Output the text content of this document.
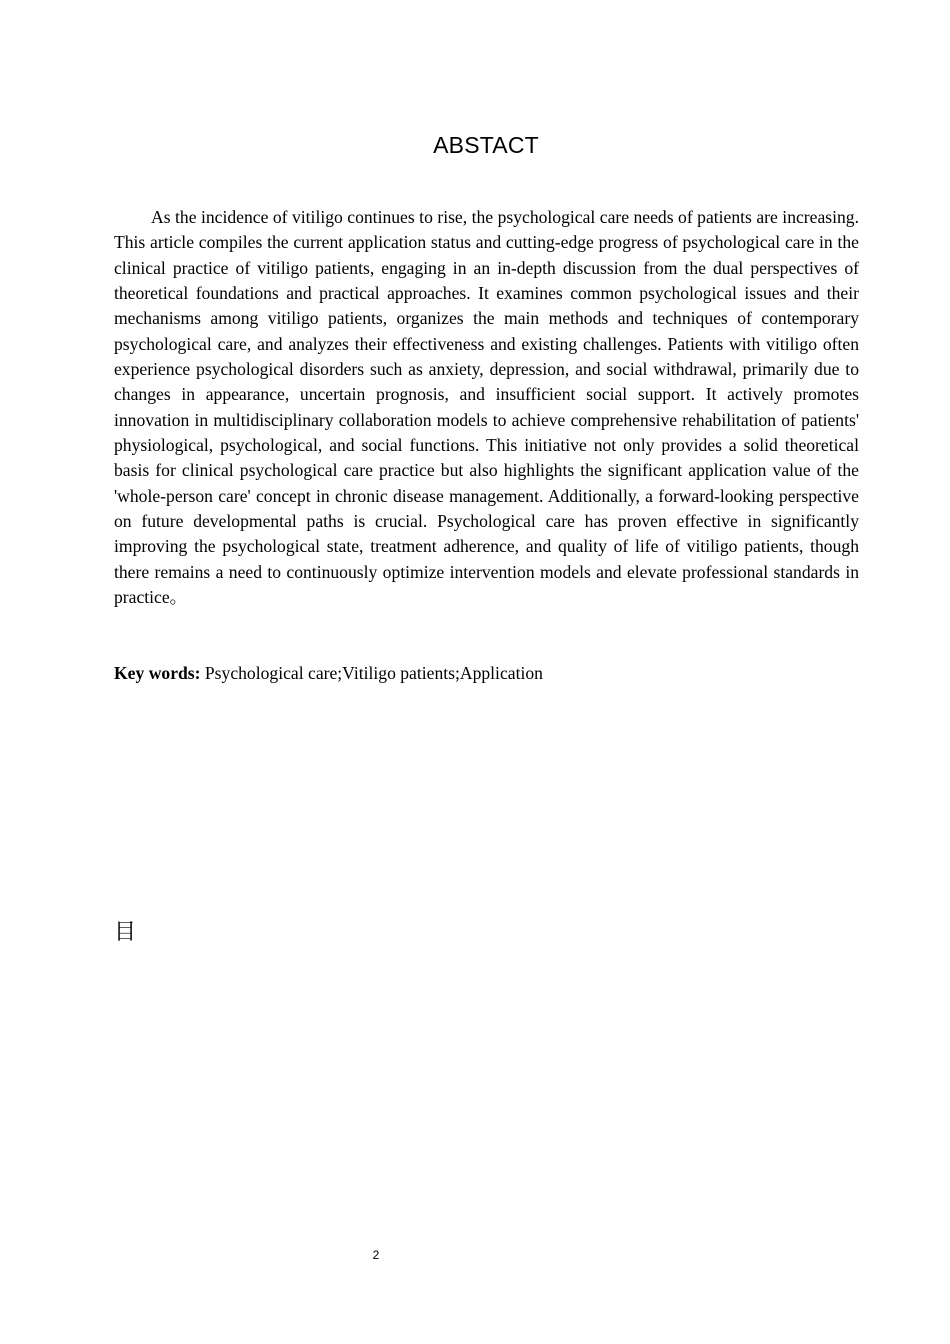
ABSTACT

As the incidence of vitiligo continues to rise, the psychological care needs of patients are increasing. This article compiles the current application status and cutting-edge progress of psychological care in the clinical practice of vitiligo patients, engaging in an in-depth discussion from the dual perspectives of theoretical foundations and practical approaches. It examines common psychological issues and their mechanisms among vitiligo patients, organizes the main methods and techniques of contemporary psychological care, and analyzes their effectiveness and existing challenges. Patients with vitiligo often experience psychological disorders such as anxiety, depression, and social withdrawal, primarily due to changes in appearance, uncertain prognosis, and insufficient social support. It actively promotes innovation in multidisciplinary collaboration models to achieve comprehensive rehabilitation of patients' physiological, psychological, and social functions. This initiative not only provides a solid theoretical basis for clinical psychological care practice but also highlights the significant application value of the 'whole-person care' concept in chronic disease management. Additionally, a forward-looking perspective on future developmental paths is crucial. Psychological care has proven effective in significantly improving the psychological state, treatment adherence, and quality of life of vitiligo patients, though there remains a need to continuously optimize intervention models and elevate professional standards in practice。

Key words: Psychological care;Vitiligo patients;Application

目
2
